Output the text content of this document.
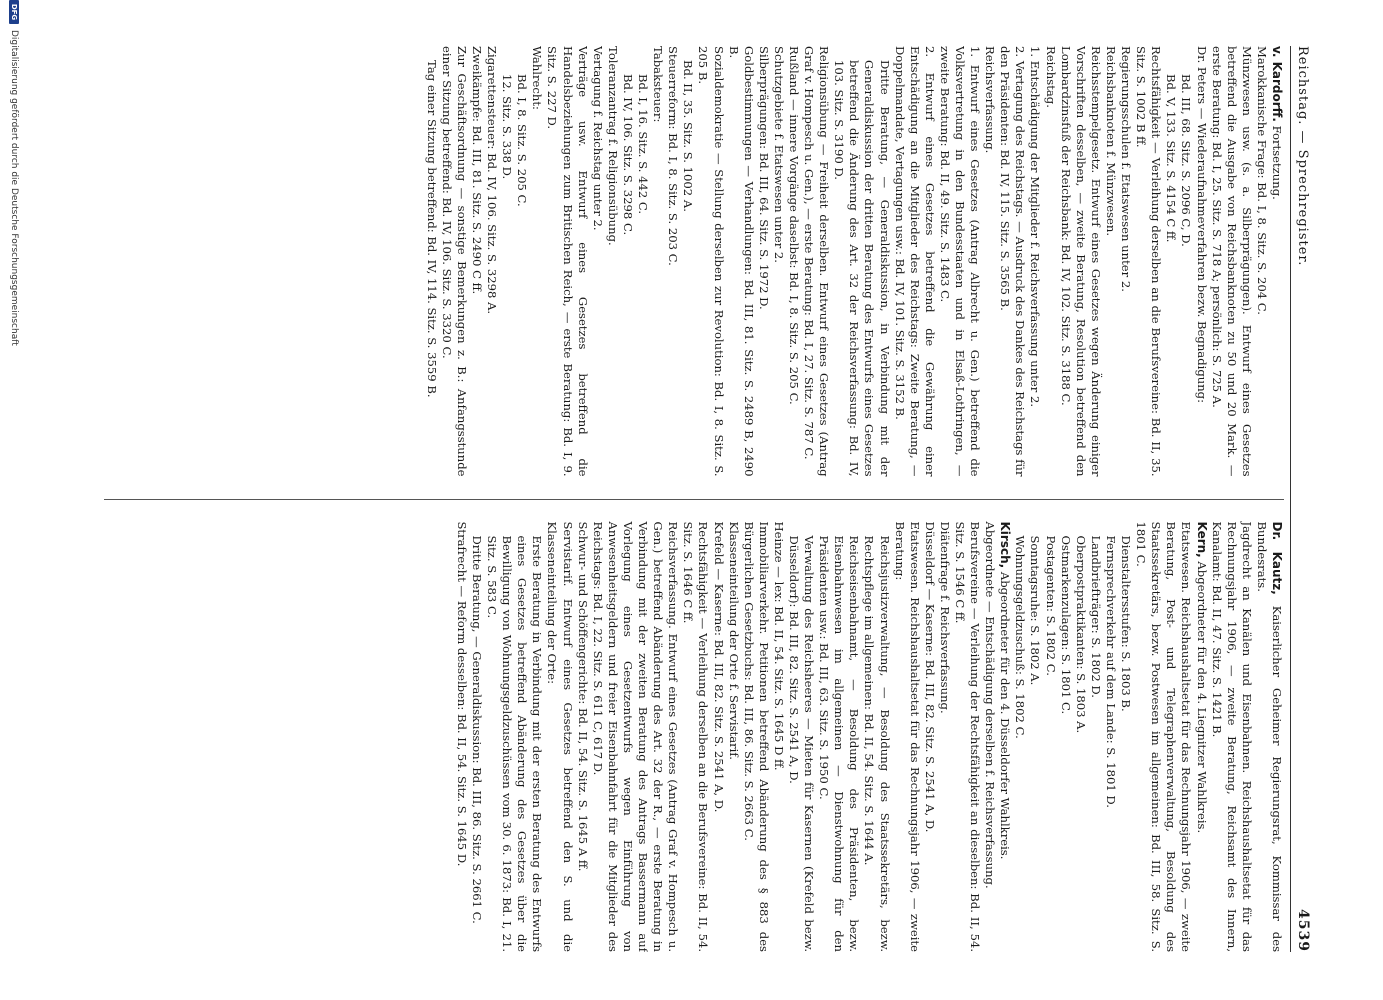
Reichstag. — Sprechregister.
4539

v. Kardorff. Fortsetzung.

Marokkanische Frage: Bd. I, 8. Sitz. S. 204 C.

Münzwesen usw. (s. a. Silberprägungen). Entwurf eines Gesetzes betreffend die Ausgabe von Reichsbanknoten zu 50 und 20 Mark. — erste Beratung: Bd. I, 25. Sitz. S. 718 A; persönlich: S. 725 A.

Dr. Peters — Wiederaufnahmeverfahren bezw. Begnadigung:

Bd. III, 68. Sitz. S. 2096 C, D.

Bd. V, 133. Sitz. S. 4154 C ff.

Rechtsfähigkeit — Verleihung derselben an die Berufsvereine: Bd. II, 35. Sitz. S. 1002 B ff.

Regierungsschulen f. Etatswesen unter 2.

Reichsbanknoten f. Münzwesen.

Reichsstempelgesetz. Entwurf eines Gesetzes wegen Änderung einiger Vorschriften desselben, — zweite Beratung, Resolution betreffend den Lombardzinsfuß der Reichsbank: Bd. IV, 102. Sitz. S. 3188 C.

Reichstag.

1. Entschädigung der Mitglieder f. Reichsverfassung unter 2.

2. Vertagung des Reichstags. — Ausdruck des Dankes des Reichstags für den Präsidenten: Bd. IV, 115. Sitz. S. 3565 B.

Reichsverfassung.

1. Entwurf eines Gesetzes (Antrag Albrecht u. Gen.) betreffend die Volksvertretung in den Bundesstaaten und in Elsaß-Lothringen, — zweite Beratung: Bd. II, 49. Sitz. S. 1483 C.

2. Entwurf eines Gesetzes betreffend die Gewährung einer Entschädigung an die Mitglieder des Reichstags: Zweite Beratung, — Doppelmandate, Vertagungen usw.: Bd. IV, 101. Sitz. S. 3152 B.

Dritte Beratung, — Generaldiskussion, in Verbindung mit der Generaldiskussion der dritten Beratung des Entwurfs eines Gesetzes betreffend die Änderung des Art. 32 der Reichsverfassung: Bd. IV, 103. Sitz. S. 3190 D.

Religionsübung — Freiheit derselben. Entwurf eines Gesetzes (Antrag Graf v. Hompesch u. Gen.), — erste Beratung: Bd. I, 27. Sitz. S. 787 C.

Rußland — innere Vorgänge daselbst: Bd. I, 8. Sitz. S. 205 C.

Schutzgebiete f. Etatswesen unter 2.

Silberprägungen: Bd. III, 64. Sitz. S. 1972 D.

Goldbestimmungen — Verhandlungen: Bd. III, 81. Sitz. S. 2489 B, 2490 B.

Sozialdemokratie — Stellung derselben zur Revolution: Bd. I, 8. Sitz. S. 205 B.

Bd. II, 35. Sitz. S. 1002 A.

Steuerreform: Bd. I, 8. Sitz. S. 203 C.

Tabaksteuer:

Bd. I, 16. Sitz. S. 442 C.

Bd. IV, 106. Sitz. S. 3298 C.

Toleranzantrag f. Religionsübung.

Vertagung f. Reichstag unter 2.

Verträge usw. Entwurf eines Gesetzes betreffend die Handelsbeziehungen zum Britischen Reich, — erste Beratung: Bd. I, 9. Sitz. S. 227 D.

Wahlrecht:

Bd. I, 8. Sitz. S. 205 C.

12. Sitz. S. 338 D.

Zigarettensteuer: Bd. IV, 106. Sitz. S. 3298 A.

Zweikämpfe: Bd. III, 81. Sitz. S. 2490 C ff.

Zur Geschäftsordnung — sonstige Bemerkungen z. B.: Anfangsstunde einer Sitzung betreffend: Bd. IV, 106. Sitz. S. 3320 C.

Tag einer Sitzung betreffend: Bd. IV, 114. Sitz. S. 3559 B.

Dr. Kautz, Kaiserlicher Geheimer Regierungsrat, Kommissar des Bundesrats.

Jagdrecht an Kanälen und Eisenbahnen. Reichshaushaltsetat für das Rechnungsjahr 1906, — zweite Beratung, Reichsamt des Innern, Kanalamt: Bd. II, 47. Sitz. S. 1421 B.

Kern, Abgeordneter für den 4. Liegnitzer Wahlkreis.

Etatswesen. Reichshaushaltsetat für das Rechnungsjahr 1906, — zweite Beratung, Post- und Telegraphenverwaltung, Besoldung des Staatssekretärs, bezw. Postwesen im allgemeinen: Bd. III, 58. Sitz. S. 1801 C.

Dienstaltersstufen: S. 1803 B.

Fernsprechverkehr auf dem Lande: S. 1801 D.

Landbriefträger: S. 1802 D.

Oberpostpraktikanten: S. 1803 A.

Ostmarkenzulagen: S. 1801 C.

Postagenten: S. 1802 C.

Sonntagsruhe: S. 1802 A.

Wohnungsgeldzuschuß: S. 1802 C.

Kirsch, Abgeordneter für den 4. Düsseldorfer Wahlkreis.

Abgeordnete — Entschädigung derselben f. Reichsverfassung.

Berufsvereine — Verleihung der Rechtsfähigkeit an dieselben: Bd. II, 54. Sitz. S. 1546 C ff.

Diätenfrage f. Reichsverfassung.

Düsseldorf — Kaserne: Bd. III, 82. Sitz. S. 2541 A, D.

Etatswesen. Reichshaushaltsetat für das Rechnungsjahr 1906, — zweite Beratung:

Reichsjustizverwaltung, — Besoldung des Staatssekretärs, bezw. Rechtspflege im allgemeinen: Bd. II, 54. Sitz. S. 1644 A.

Reichseisenbahnamt, — Besoldung des Präsidenten, bezw. Eisenbahnwesen im allgemeinen — Dienstwohnung für den Präsidenten usw.: Bd. III, 63. Sitz. S. 1950 C.

Verwaltung des Reichsheeres — Mieten für Kasernen (Krefeld bezw. Düsseldorf): Bd. III, 82. Sitz. S. 2541 A, D.

Heinze — lex: Bd. II, 54. Sitz. S. 1645 D ff.

Immobiliarverkehr. Petitionen betreffend Abänderung des § 883 des Bürgerlichen Gesetzbuchs: Bd. III, 86. Sitz. S. 2663 C.

Klasseneinteilung der Orte f. Servistarif.

Krefeld — Kaserne: Bd. III, 82. Sitz. S. 2541 A, D.

Rechtsfähigkeit — Verleihung derselben an die Berufsvereine: Bd. II, 54. Sitz. S. 1646 C ff.

Reichsverfassung. Entwurf eines Gesetzes (Antrag Graf v. Hompesch u. Gen.) betreffend Abänderung des Art. 32 der R., — erste Beratung in Verbindung mit der zweiten Beratung des Antrags Bassermann auf Vorlegung eines Gesetzentwurfs wegen Einführung von Anwesenheitsgeldern und freier Eisenbahnfahrt für die Mitglieder des Reichstags: Bd. I, 22. Sitz. S. 611 C, 617 D.

Schwur- und Schöffengerichte: Bd. II, 54. Sitz. S. 1645 A ff.

Servistarif. Entwurf eines Gesetzes betreffend den S. und die Klasseneinteilung der Orte:

Erste Beratung in Verbindung mit der ersten Beratung des Entwurfs eines Gesetzes betreffend Abänderung des Gesetzes über die Bewilligung von Wohnungsgeldzuschüssen vom 30. 6. 1873: Bd. I, 21. Sitz. S. 583 C.

Dritte Beratung, — Generaldiskussion: Bd. III, 86. Sitz. S. 2661 C.

Strafrecht — Reform desselben: Bd. II, 54. Sitz. S. 1645 D.

DFG
Digitalisierung gefördert durch die Deutsche Forschungsgemeinschaft
